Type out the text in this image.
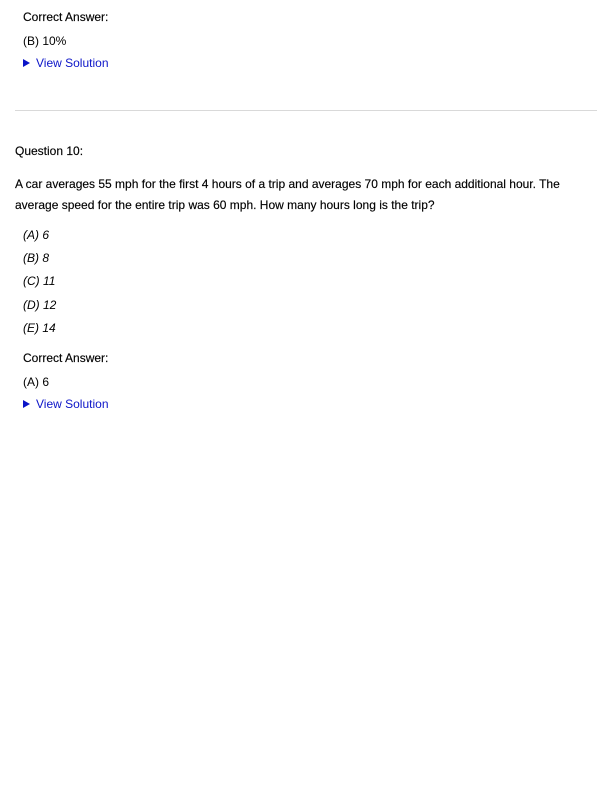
Correct Answer:
(B) 10%
View Solution
Question 10:
A car averages 55 mph for the first 4 hours of a trip and averages 70 mph for each additional hour. The average speed for the entire trip was 60 mph. How many hours long is the trip?
(A) 6
(B) 8
(C) 11
(D) 12
(E) 14
Correct Answer:
(A) 6
View Solution
